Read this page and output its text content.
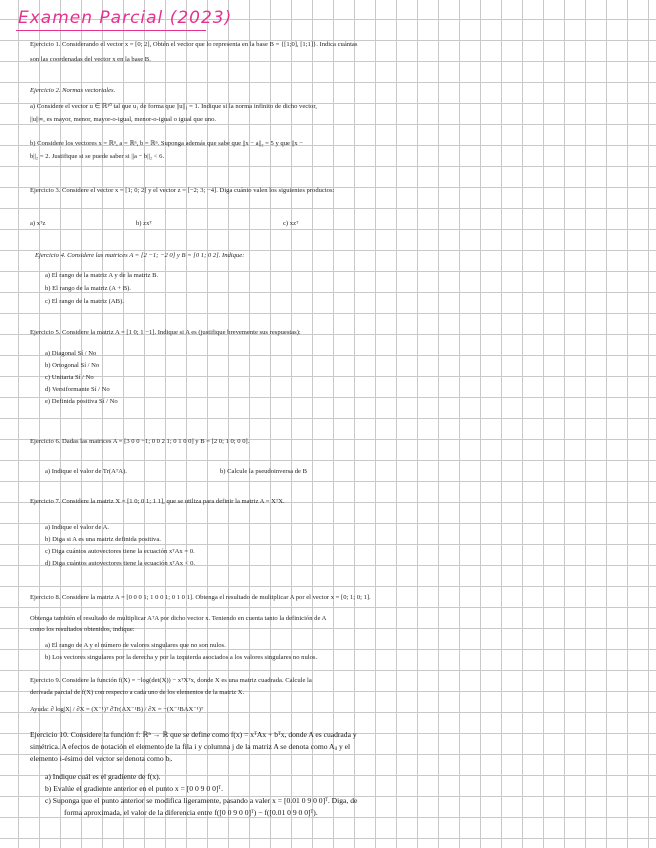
Examen Parcial (2023)
Ejercicio 1. Considerando el vector x = [0; 2], Obtén el vector que lo representa en la base B = {[1;0], [1;1]}. Indica cuántas
son las coordenadas del vector x en la base B.
Ejercicio 2. Normas vectoriales.
a) Considere el vector u ∈ ℝ¹⁰ tal que u₁ de forma que ||u||₁ = 1. Indique si la norma infinito de dicho vector,
||u||∞, es mayor, menor, mayor-o-igual, menor-o-igual o igual que uno.
b) Considere los vectores x = ℝⁿ, a = ℝⁿ, b = ℝⁿ. Suponga además que sabe que ||x − a||₂ = 5 y que ||x −
b||₂ = 2. Justifique si se puede saber si ||a − b||₂ < 6.
Ejercicio 3. Considere el vector x = [1; 0; 2] y el vector z = [−2; 3; −4]. Diga cuánto valen los siguientes productos:
a) xᵀz	b) zxᵀ	c) xzᵀ
Ejercicio 4. Considere las matrices A = [2 −1; −2 0] y B = [0 1; 0 2]. Indique:
a) El rango de la matriz A y de la matriz B.
b) El rango de la matriz (A + B).
c) El rango de la matriz (AB).
Ejercicio 5. Considere la matriz A = [1 0; 1 −1]. Indique si A es (justifique brevemente sus respuestas):
a) Diagonal Sí / No
b) Ortogonal Sí / No
c) Unitaria Sí / No
d) Versiformante Sí / No
e) Definida positiva Sí / No
Ejercicio 6. Dadas las matrices A = [3 0 0 −1; 0 0 2 1; 0 1 0 0] y B = [2 0; 1 0; 0 0].
a) Indique el valor de Tr(AᵀA).	b) Calcule la pseudoinversa de B
Ejercicio 7. Considere la matriz X = [1 0; 0 1; 1 1], que se utiliza para definir la matriz A = XᵀX.
a) Indique el valor de A.
b) Diga si A es una matriz definida positiva.
c) Diga cuántos autovectores tiene la ecuación xᵀAx = 0.
d) Diga cuántos autovectores tiene la ecuación xᵀAx < 0.
Ejercicio 8. Considere la matriz A = [0 0 0 1; 1 0 0 1; 0 1 0 1]. Obtenga el resultado de multiplicar A por el vector x = [0; 1; 0; 1].
Obtenga también el resultado de multiplicar AᵀA por dicho vector x. Teniendo en cuenta tanto la definición de A
como los resultados obtenidos, indique:
a) El rango de A y el número de valores singulares que no son nulos.
b) Los vectores singulares por la derecha y por la izquierda asociados a los valores singulares no nulos.
Ejercicio 9. Considere la función f(X) = −log(det(X)) − xᵀXᵀx, donde X es una matriz cuadrada. Calcule la
derivada parcial de f(X) con respecto a cada uno de los elementos de la matriz X.
Ayuda: ∂ log|X| / ∂X = (X⁻¹)ᵀ ∂Tr(AX⁻¹B) / ∂X = −(X⁻¹BAX⁻¹)ᵀ
Ejercicio 10. Considere la función f: ℝⁿ → ℝ que se define como f(x) = xᵀAx + bᵀx, donde A es cuadrada y
simétrica. A efectos de notación el elemento de la fila i y columna j de la matriz A se denota como Aᵢⱼ y el
elemento i-ésimo del vector se denota como bᵢ.
a) Indique cuál es el gradiente de f(x).
b) Evalúe el gradiente anterior en el punto x = [0 0 9 0 0]ᵀ.
c) Suponga que el punto anterior se modifica ligeramente, pasando a valer x = [0.01 0 9 0 0]ᵀ. Diga, de
forma aproximada, el valor de la diferencia entre f([0 0 9 0 0]ᵀ) − f([0.01 0 9 0 0]ᵀ).
